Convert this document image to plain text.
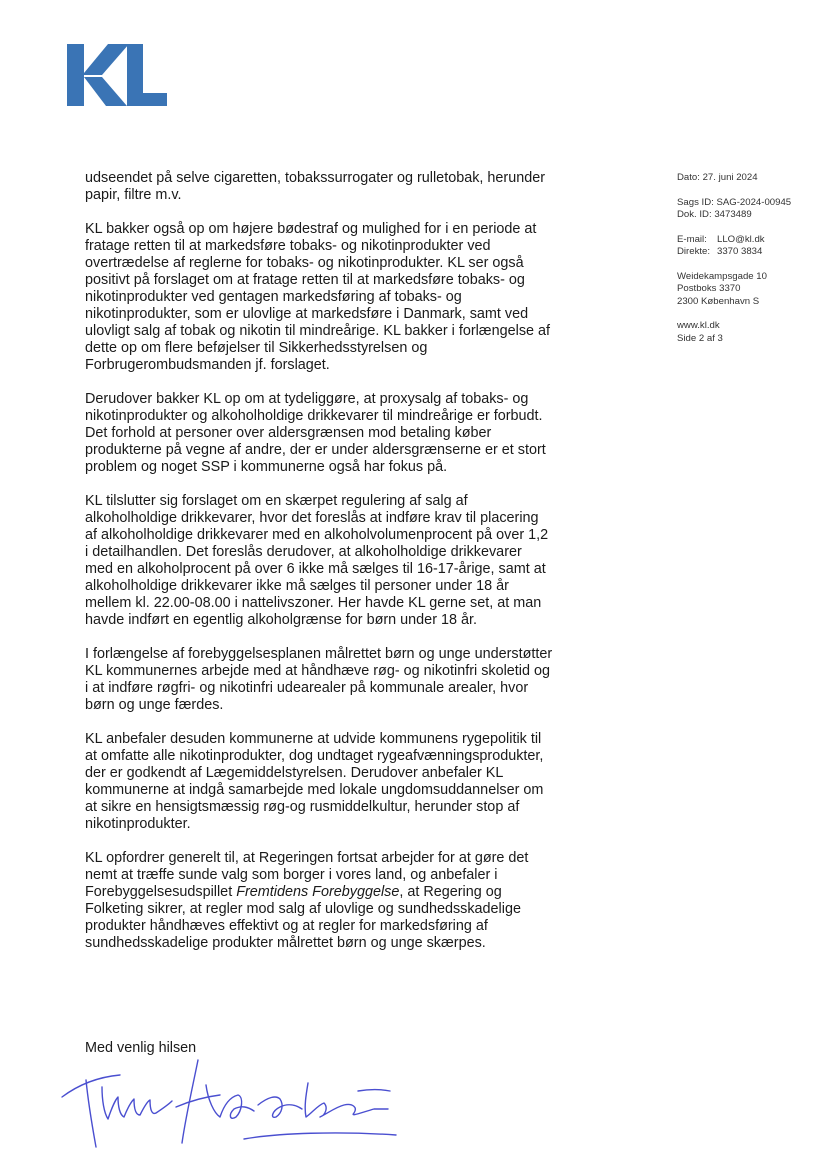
Dato: 27. juni 2024
Sags ID: SAG-2024-00945
Dok. ID: 3473489
E-mail: LLO@kl.dk
Direkte: 3370 3834
Weidekampsgade 10
Postboks 3370
2300 København S
www.kl.dk
Side 2 af 3

udseendet på selve cigaretten, tobakssurrogater og rulletobak, herunder
papir, filtre m.v.

KL bakker også op om højere bødestraf og mulighed for i en periode at
fratage retten til at markedsføre tobaks- og nikotinprodukter ved
overtrædelse af reglerne for tobaks- og nikotinprodukter. KL ser også
positivt på forslaget om at fratage retten til at markedsføre tobaks- og
nikotinprodukter ved gentagen markedsføring af tobaks- og
nikotinprodukter, som er ulovlige at markedsføre i Danmark, samt ved
ulovligt salg af tobak og nikotin til mindreårige. KL bakker i forlængelse af
dette op om flere beføjelser til Sikkerhedsstyrelsen og
Forbrugerombudsmanden jf. forslaget.

Derudover bakker KL op om at tydeliggøre, at proxysalg af tobaks- og
nikotinprodukter og alkoholholdige drikkevarer til mindreårige er forbudt.
Det forhold at personer over aldersgrænsen mod betaling køber
produkterne på vegne af andre, der er under aldersgrænserne er et stort
problem og noget SSP i kommunerne også har fokus på.

KL tilslutter sig forslaget om en skærpet regulering af salg af
alkoholholdige drikkevarer, hvor det foreslås at indføre krav til placering
af alkoholholdige drikkevarer med en alkoholvolumenprocent på over 1,2
i detailhandlen. Det foreslås derudover, at alkoholholdige drikkevarer
med en alkoholprocent på over 6 ikke må sælges til 16-17-årige, samt at
alkoholholdige drikkevarer ikke må sælges til personer under 18 år
mellem kl. 22.00-08.00 i nattelivszoner. Her havde KL gerne set, at man
havde indført en egentlig alkoholgrænse for børn under 18 år.

I forlængelse af forebyggelsesplanen målrettet børn og unge understøtter
KL kommunernes arbejde med at håndhæve røg- og nikotinfri skoletid og
i at indføre røgfri- og nikotinfri udearealer på kommunale arealer, hvor
børn og unge færdes.

KL anbefaler desuden kommunerne at udvide kommunens rygepolitik til
at omfatte alle nikotinprodukter, dog undtaget rygeafvænningsprodukter,
der er godkendt af Lægemiddelstyrelsen. Derudover anbefaler KL
kommunerne at indgå samarbejde med lokale ungdomsuddannelser om
at sikre en hensigtsmæssig røg-og rusmiddelkultur, herunder stop af
nikotinprodukter.

KL opfordrer generelt til, at Regeringen fortsat arbejder for at gøre det
nemt at træffe sunde valg som borger i vores land, og anbefaler i
Forebyggelsesudspillet Fremtidens Forebyggelse, at Regering og
Folketing sikrer, at regler mod salg af ulovlige og sundhedsskadelige
produkter håndhæves effektivt og at regler for markedsføring af
sundhedsskadelige produkter målrettet børn og unge skærpes.

Med venlig hilsen
